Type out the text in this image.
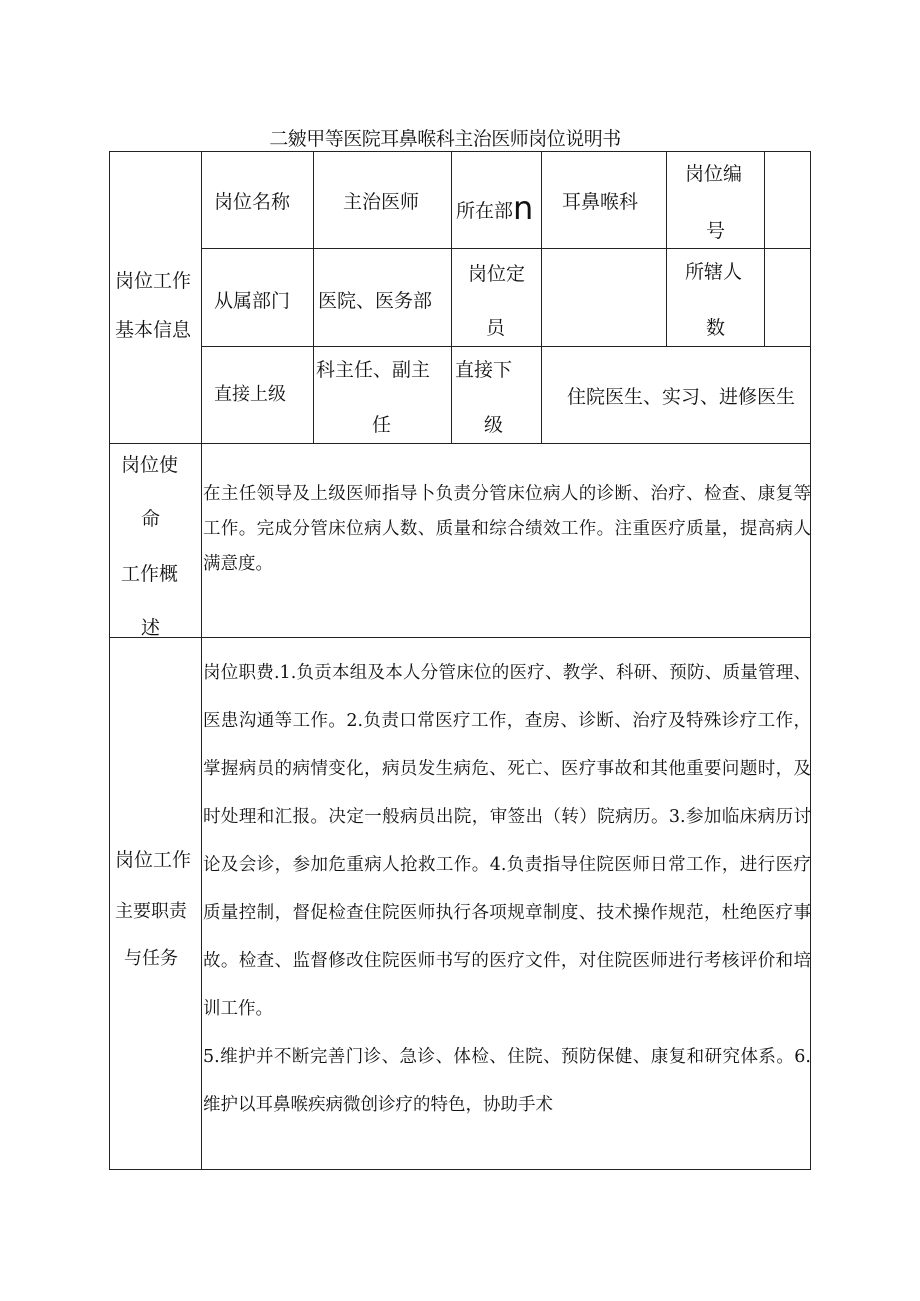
二皴甲等医院耳鼻喉科主治医师岗位说明书
岗位工作
基本信息
岗位名称	主治医师 所在部n 耳鼻喉科
岗位编
号
从属部门 医院、医务部
岗位定
员
所辖人
数
直接上级
科主任、副主
任
直接下
级
住院医生、实习、进修医生
岗位使
命
工作概
述
在主任领导及上级医师指导卜负责分管床位病人的诊断、治疗、检查、康复等工作。完成分管床位病人数、质量和综合绩效工作。注重医疗质量，提高病人满意度。
岗位工作
主要职责
与任务
岗位职费.1.负贡本组及本人分管床位的医疗、教学、科研、预防、质量管理、医患沟通等工作。2.负责口常医疗工作，查房、诊断、治疗及特殊诊疗工作，掌握病员的病情变化，病员发生病危、死亡、医疗事故和其他重要问题时，及时处理和汇报。决定一般病员出院，审签出（转）院病历。3.参加临床病历讨论及会诊，参加危重病人抢救工作。4.负责指导住院医师日常工作，进行医疗质量控制，督促检查住院医师执行各项规章制度、技术操作规范，杜绝医疗事故。检查、监督修改住院医师书写的医疗文件，对住院医师进行考核评价和培训工作。
5.维护并不断完善门诊、急诊、体检、住院、预防保健、康复和研究体系。6.维护以耳鼻喉疾病微创诊疗的特色，协助手术
